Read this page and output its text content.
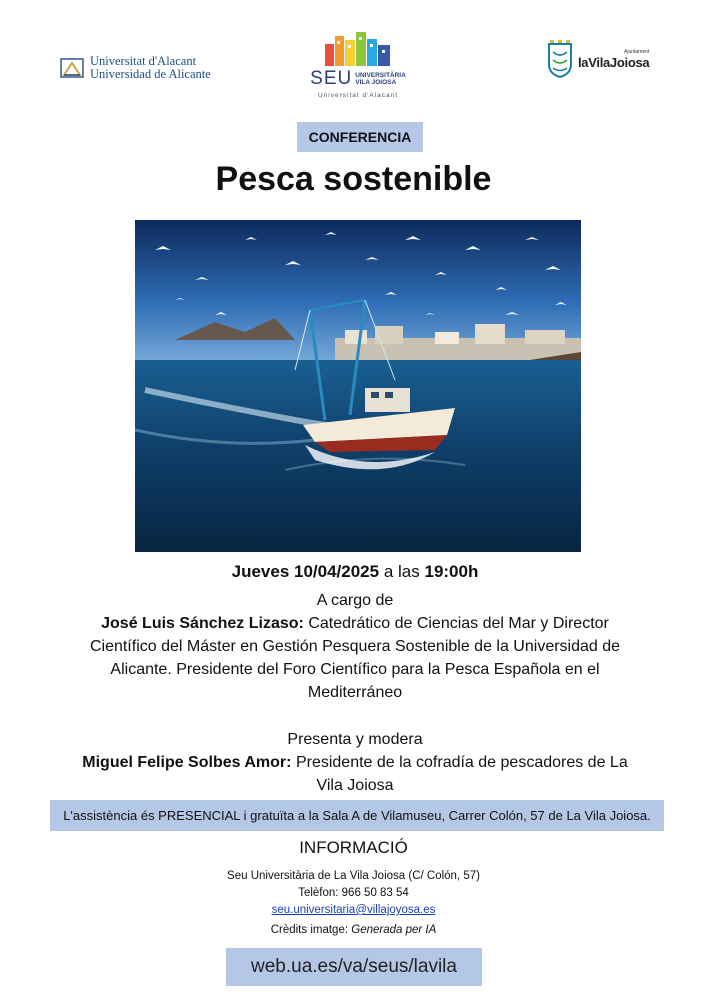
Universitat d'Alacant
Universidad de Alicante	SEU UNIVERSITÀRIA
VILA JOIOSA
Universitat d'Alacant
Ajuntament
laVilaJoiosa
CONFERENCIA
Pesca sostenible
Jueves 10/04/2025 a las 19:00h
A cargo de
José Luis Sánchez Lizaso: Catedrático de Ciencias del Mar y Director
Científico del Máster en Gestión Pesquera Sostenible de la Universidad de
Alicante. Presidente del Foro Científico para la Pesca Española en el
Mediterráneo
Presenta y modera
Miguel Felipe Solbes Amor: Presidente de la cofradía de pescadores de La
Vila Joiosa
L'assistència és PRESENCIAL i gratuïta a la Sala A de Vilamuseu, Carrer Colón, 57 de La Vila Joiosa.
INFORMACIÓ
Seu Universitària de La Vila Joiosa (C/ Colón, 57)
Telèfon: 966 50 83 54
seu.universitaria@villajoyosa.es
Crèdits imatge: Generada per IA
web.ua.es/va/seus/lavila
